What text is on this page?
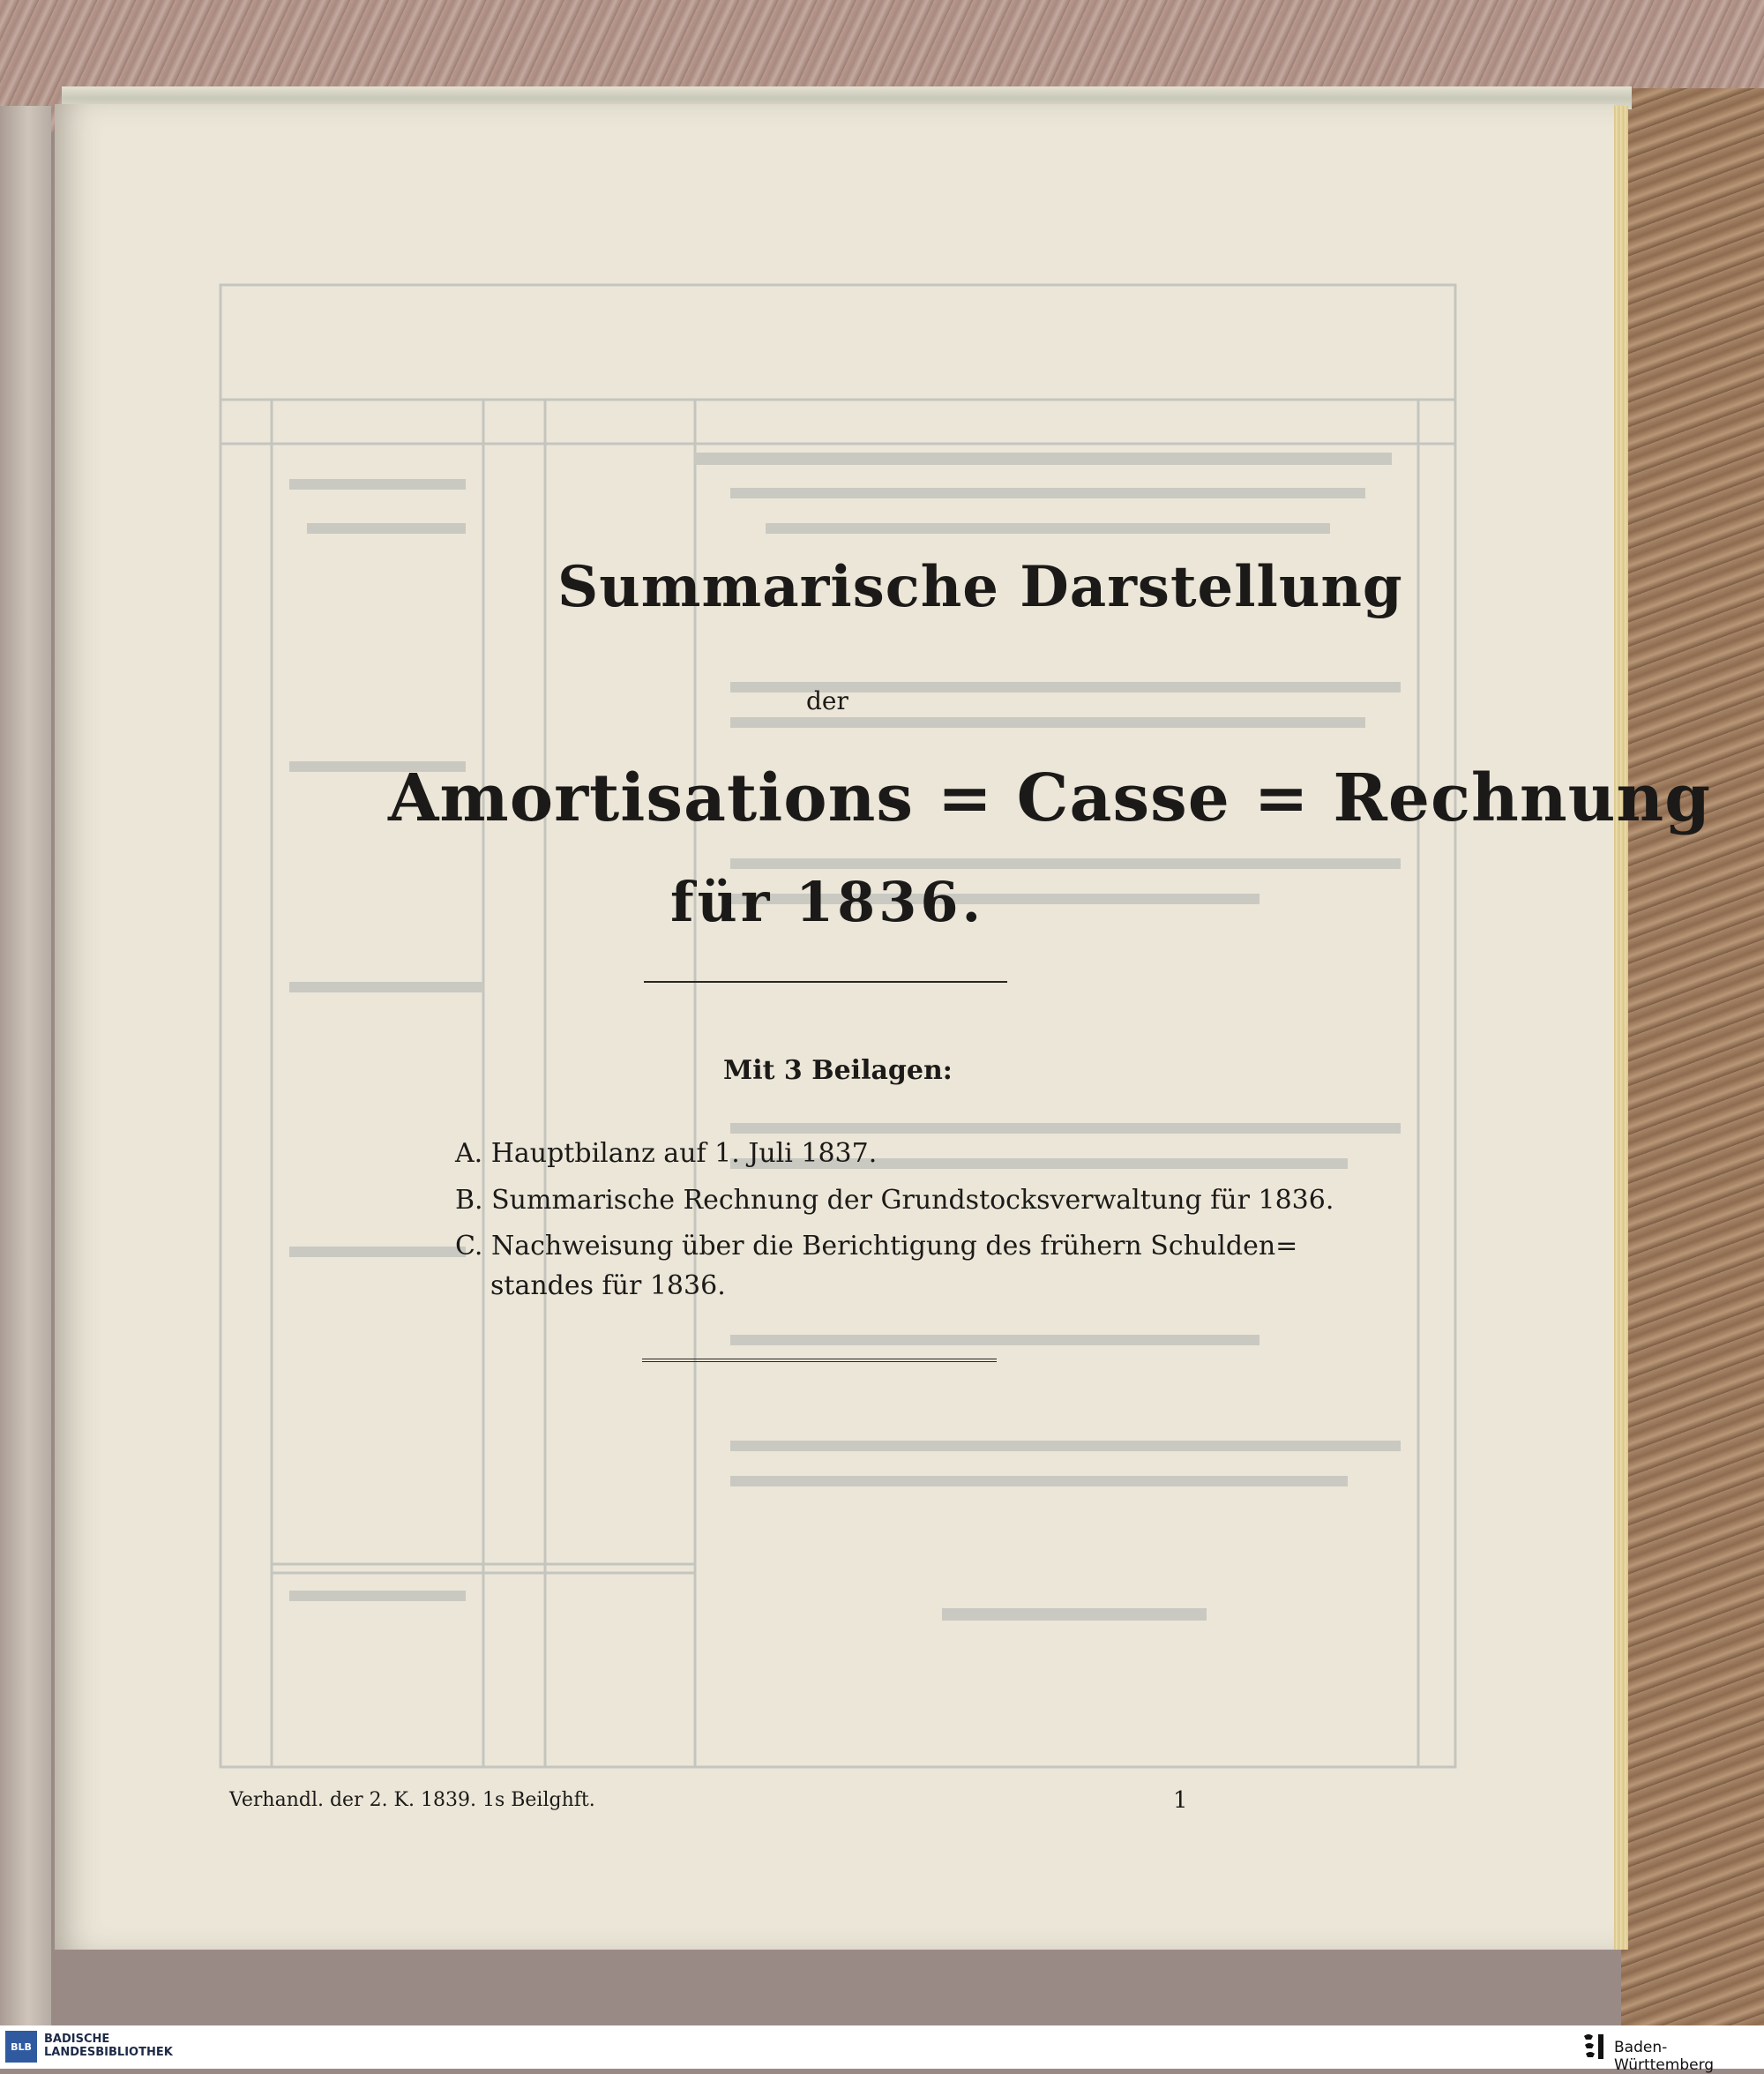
Summarische Darstellung
der
Amortisations = Casse = Rechnung
für 1836.
Mit 3 Beilagen:
A. Hauptbilanz auf 1. Juli 1837.
B. Summarische Rechnung der Grundstocksverwaltung für 1836.
C. Nachweisung über die Berichtigung des frühern Schulden=
standes für 1836.
Verhandl. der 2. K. 1839. 1s Beilghft.	1
BLB
BADISCHE
LANDESBIBLIOTHEK	Baden-Württemberg
